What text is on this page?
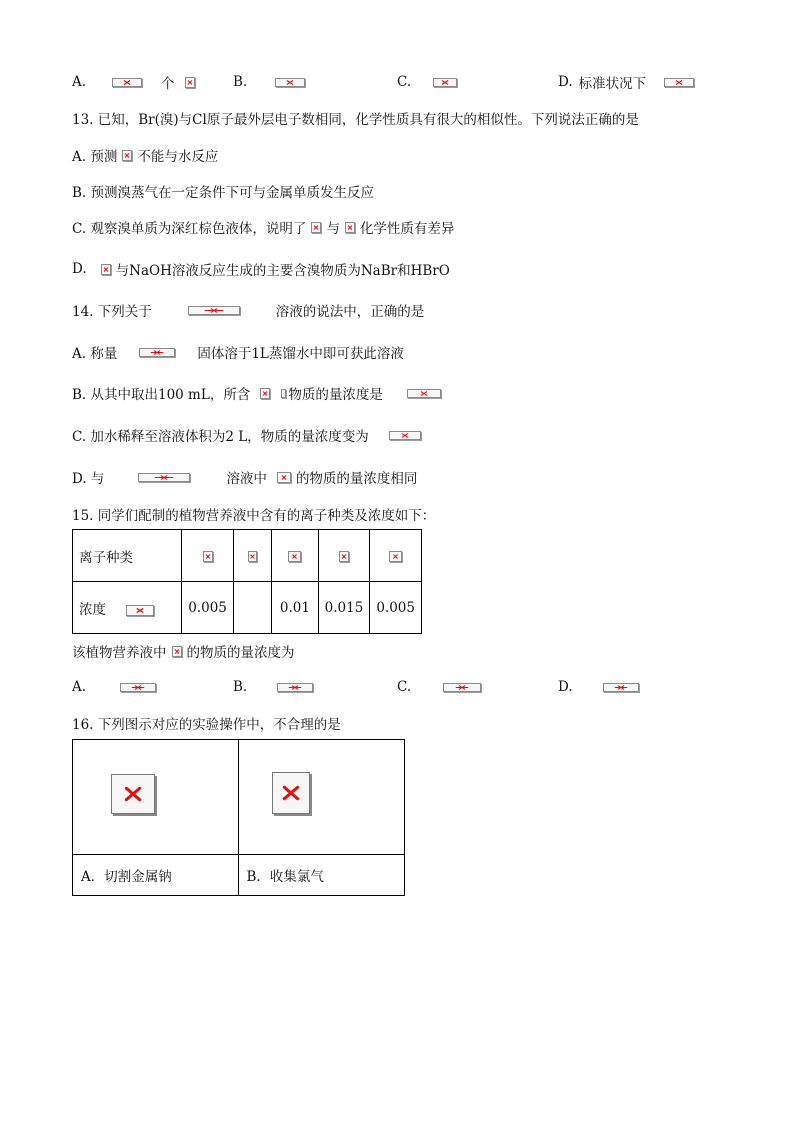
A.	个	B.	C.	D. 标准状况下
13. 已知，Br(溴)与Cl原子最外层电子数相同，化学性质具有很大的相似性。下列说法正确的是
A. 预测 不能与水反应
B. 预测溴蒸气在一定条件下可与金属单质发生反应
C. 观察溴单质为深红棕色液体，说明了 与 化学性质有差异
D. 与NaOH溶液反应生成的主要含溴物质为NaBr和HBrO
14. 下列关于	溶液的说法中，正确的是
A. 称量	固体溶于1L蒸馏水中即可获此溶液
B. 从其中取出100 mL，所含	物质的量浓度是
C. 加水稀释至溶液体积为2 L，物质的量浓度变为
D. 与	溶液中 的物质的量浓度相同
15. 同学们配制的植物营养液中含有的离子种类及浓度如下：
离子种类	

浓度	0.005		0.01	0.015	0.005
该植物营养液中 的物质的量浓度为
A.	B.	C.	D.
16. 下列图示对应的实验操作中，不合理的是

A．切割金属钠	B．收集氯气
